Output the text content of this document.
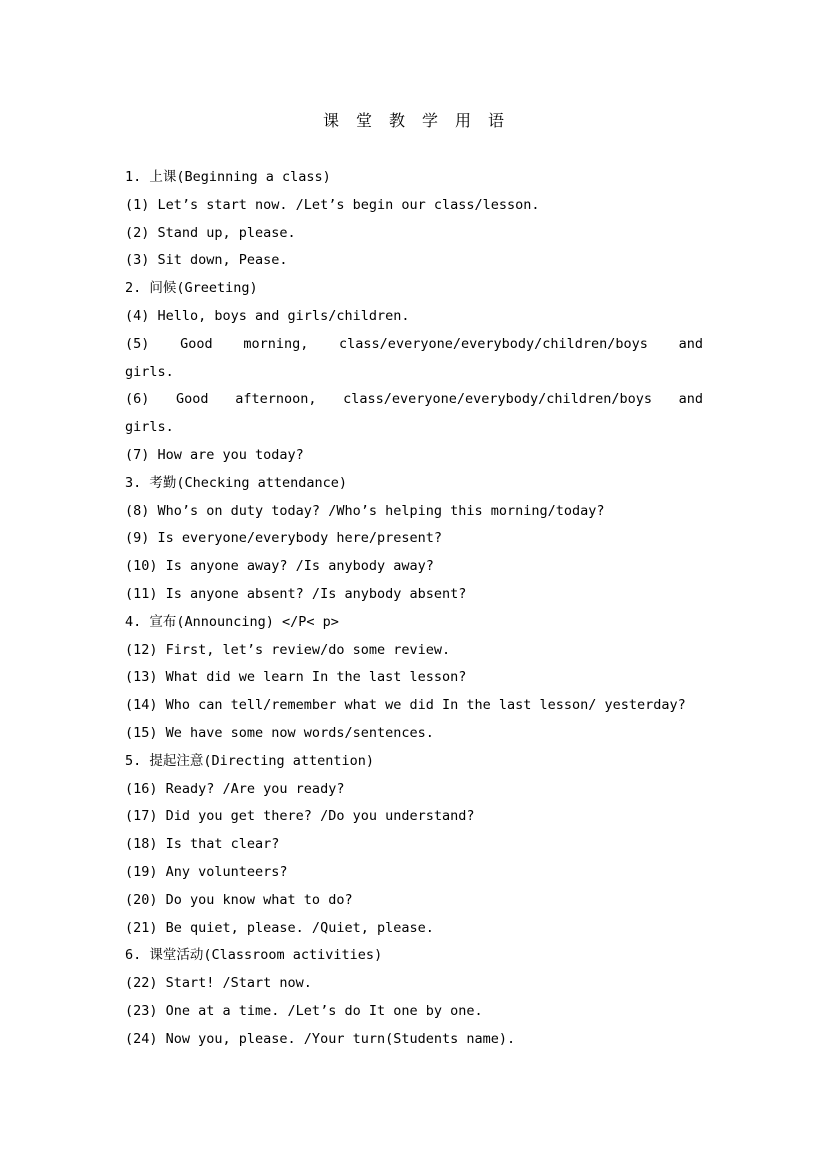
课堂教学用语
1. 上课(Beginning a class)
(1) Let’s start now. /Let’s begin our class/lesson.
(2) Stand up, please.
(3) Sit down, Pease.
2. 问候(Greeting)
(4) Hello, boys and girls/children.
(5) Good morning, class/everyone/everybody/children/boys and
girls.
(6) Good afternoon, class/everyone/everybody/children/boys and
girls.
(7) How are you today?
3. 考勤(Checking attendance)
(8) Who’s on duty today? /Who’s helping this morning/today?
(9) Is everyone/everybody here/present?
(10) Is anyone away? /Is anybody away?
(11) Is anyone absent? /Is anybody absent?
4. 宣布(Announcing) </P< p>
(12) First, let’s review/do some review.
(13) What did we learn In the last lesson?
(14) Who can tell/remember what we did In the last lesson/ yesterday?
(15) We have some now words/sentences.
5. 提起注意(Directing attention)
(16) Ready? /Are you ready?
(17) Did you get there? /Do you understand?
(18) Is that clear?
(19) Any volunteers?
(20) Do you know what to do?
(21) Be quiet, please. /Quiet, please.
6. 课堂活动(Classroom activities)
(22) Start! /Start now.
(23) One at a time. /Let’s do It one by one.
(24) Now you, please. /Your turn(Students name).
